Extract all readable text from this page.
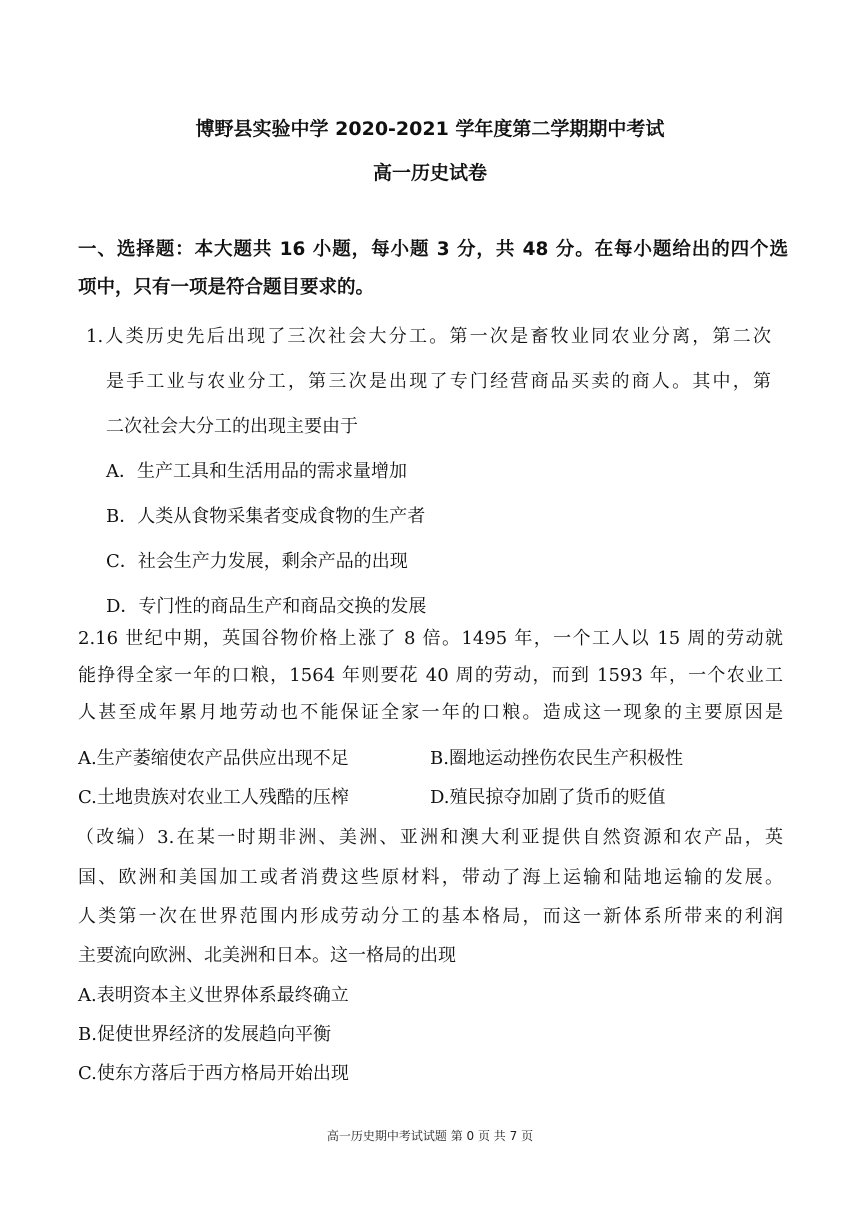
博野县实验中学 2020-2021 学年度第二学期期中考试
高一历史试卷
一、选择题：本大题共 16 小题，每小题 3 分，共 48 分。在每小题给出的四个选
项中，只有一项是符合题目要求的。
1.人类历史先后出现了三次社会大分工。第一次是畜牧业同农业分离，第二次
是手工业与农业分工，第三次是出现了专门经营商品买卖的商人。其中，第
二次社会大分工的出现主要由于
A．生产工具和生活用品的需求量增加
B．人类从食物采集者变成食物的生产者
C．社会生产力发展，剩余产品的出现
D．专门性的商品生产和商品交换的发展
2.16 世纪中期，英国谷物价格上涨了 8 倍。1495 年，一个工人以 15 周的劳动就
能挣得全家一年的口粮，1564 年则要花 40 周的劳动，而到 1593 年，一个农业工
人甚至成年累月地劳动也不能保证全家一年的口粮。造成这一现象的主要原因是
A.生产萎缩使农产品供应出现不足	B.圈地运动挫伤农民生产积极性
C.土地贵族对农业工人残酷的压榨	D.殖民掠夺加剧了货币的贬值
（改编）3.在某一时期非洲、美洲、亚洲和澳大利亚提供自然资源和农产品，英
国、欧洲和美国加工或者消费这些原材料，带动了海上运输和陆地运输的发展。
人类第一次在世界范围内形成劳动分工的基本格局，而这一新体系所带来的利润
主要流向欧洲、北美洲和日本。这一格局的出现
A.表明资本主义世界体系最终确立
B.促使世界经济的发展趋向平衡
C.使东方落后于西方格局开始出现
高一历史期中考试试题 第 0 页 共 7 页
